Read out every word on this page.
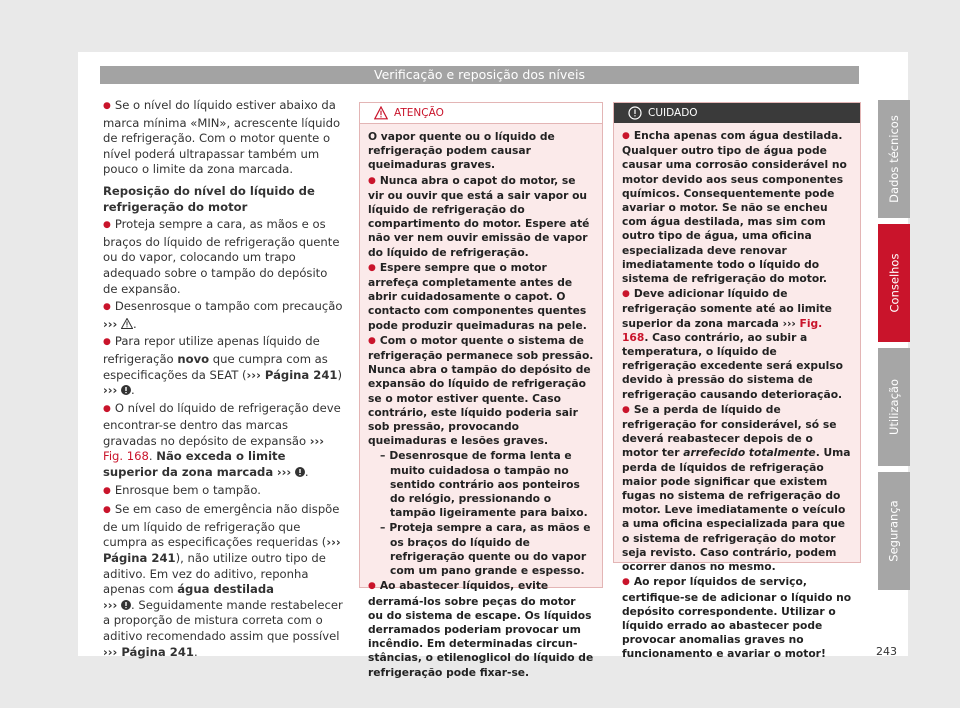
Verificação e reposição dos níveis

● Se o nível do líquido estiver abaixo da marca mínima «MIN», acrescente líquido de refrigeração. Com o motor quente o nível poderá ultrapassar também um pouco o limite da zona marcada.

Reposição do nível do líquido de refrigeração do motor

● Proteja sempre a cara, as mãos e os braços do líquido de refrigeração quente ou do vapor, colocando um trapo adequado sobre o tampão do depósito de expansão.

● Desenrosque o tampão com precaução
››› .

● Para repor utilize apenas líquido de refrigeração novo que cumpra com as especificações da SEAT (››› Página 241) ››› .

● O nível do líquido de refrigeração deve encontrar-se dentro das marcas gravadas no depósito de expansão ››› Fig. 168. Não exceda o limite superior da zona marcada ››› .

● Enrosque bem o tampão.

● Se em caso de emergência não dispõe de um líquido de refrigeração que cumpra as especificações requeridas (››› Página 241), não utilize outro tipo de aditivo. Em vez do aditivo, reponha apenas com água destilada
››› . Seguidamente mande restabelecer a proporção de mistura correta com o aditivo recomendado assim que possível ››› Página 241.

ATENÇÃO

O vapor quente ou o líquido de refrigeração podem causar queimaduras graves.

● Nunca abra o capot do motor, se vir ou ouvir que está a sair vapor ou líquido de refrigeração do compartimento do motor. Espere até não ver nem ouvir emissão de vapor do líquido de refrigeração.

● Espere sempre que o motor arrefeça completamente antes de abrir cuidadosamente o capot. O contacto com componentes quentes pode produzir queimaduras na pele.

● Com o motor quente o sistema de refrigeração permanece sob pressão. Nunca abra o tampão do depósito de expansão do líquido de refrigeração se o motor estiver quente. Caso contrário, este líquido poderia sair sob pressão, provocando queimaduras e lesões graves.

– Desenrosque de forma lenta e muito cuidadosa o tampão no sentido contrário aos ponteiros do relógio, pressionando o tampão ligeiramente para baixo.

– Proteja sempre a cara, as mãos e os braços do líquido de refrigeração quente ou do vapor com um pano grande e espesso.

● Ao abastecer líquidos, evite derramá-los sobre peças do motor ou do sistema de escape. Os líquidos derramados poderiam provocar um incêndio. Em determinadas circunstâncias, o etilenoglicol do líquido de refrigeração pode fixar-se.

CUIDADO

● Encha apenas com água destilada. Qualquer outro tipo de água pode causar uma corrosão considerável no motor devido aos seus componentes químicos. Consequentemente pode avariar o motor. Se não se encheu com água destilada, mas sim com outro tipo de água, uma oficina especializada deve renovar imediatamente todo o líquido do sistema de refrigeração do motor.

● Deve adicionar líquido de refrigeração somente até ao limite superior da zona marcada ››› Fig. 168. Caso contrário, ao subir a temperatura, o líquido de refrigeração excedente será expulso devido à pressão do sistema de refrigeração causando deterioração.

● Se a perda de líquido de refrigeração for considerável, só se deverá reabastecer depois de o motor ter arrefecido totalmente. Uma perda de líquidos de refrigeração maior pode significar que existem fugas no sistema de refrigeração do motor. Leve imediatamente o veículo a uma oficina especializada para que o sistema de refrigeração do motor seja revisto. Caso contrário, podem ocorrer danos no mesmo.

● Ao repor líquidos de serviço, certifique-se de adicionar o líquido no depósito correspondente. Utilizar o líquido errado ao abastecer pode provocar anomalias graves no funcionamento e avariar o motor!

Dados técnicos
Conselhos
Utilização
Segurança
243
